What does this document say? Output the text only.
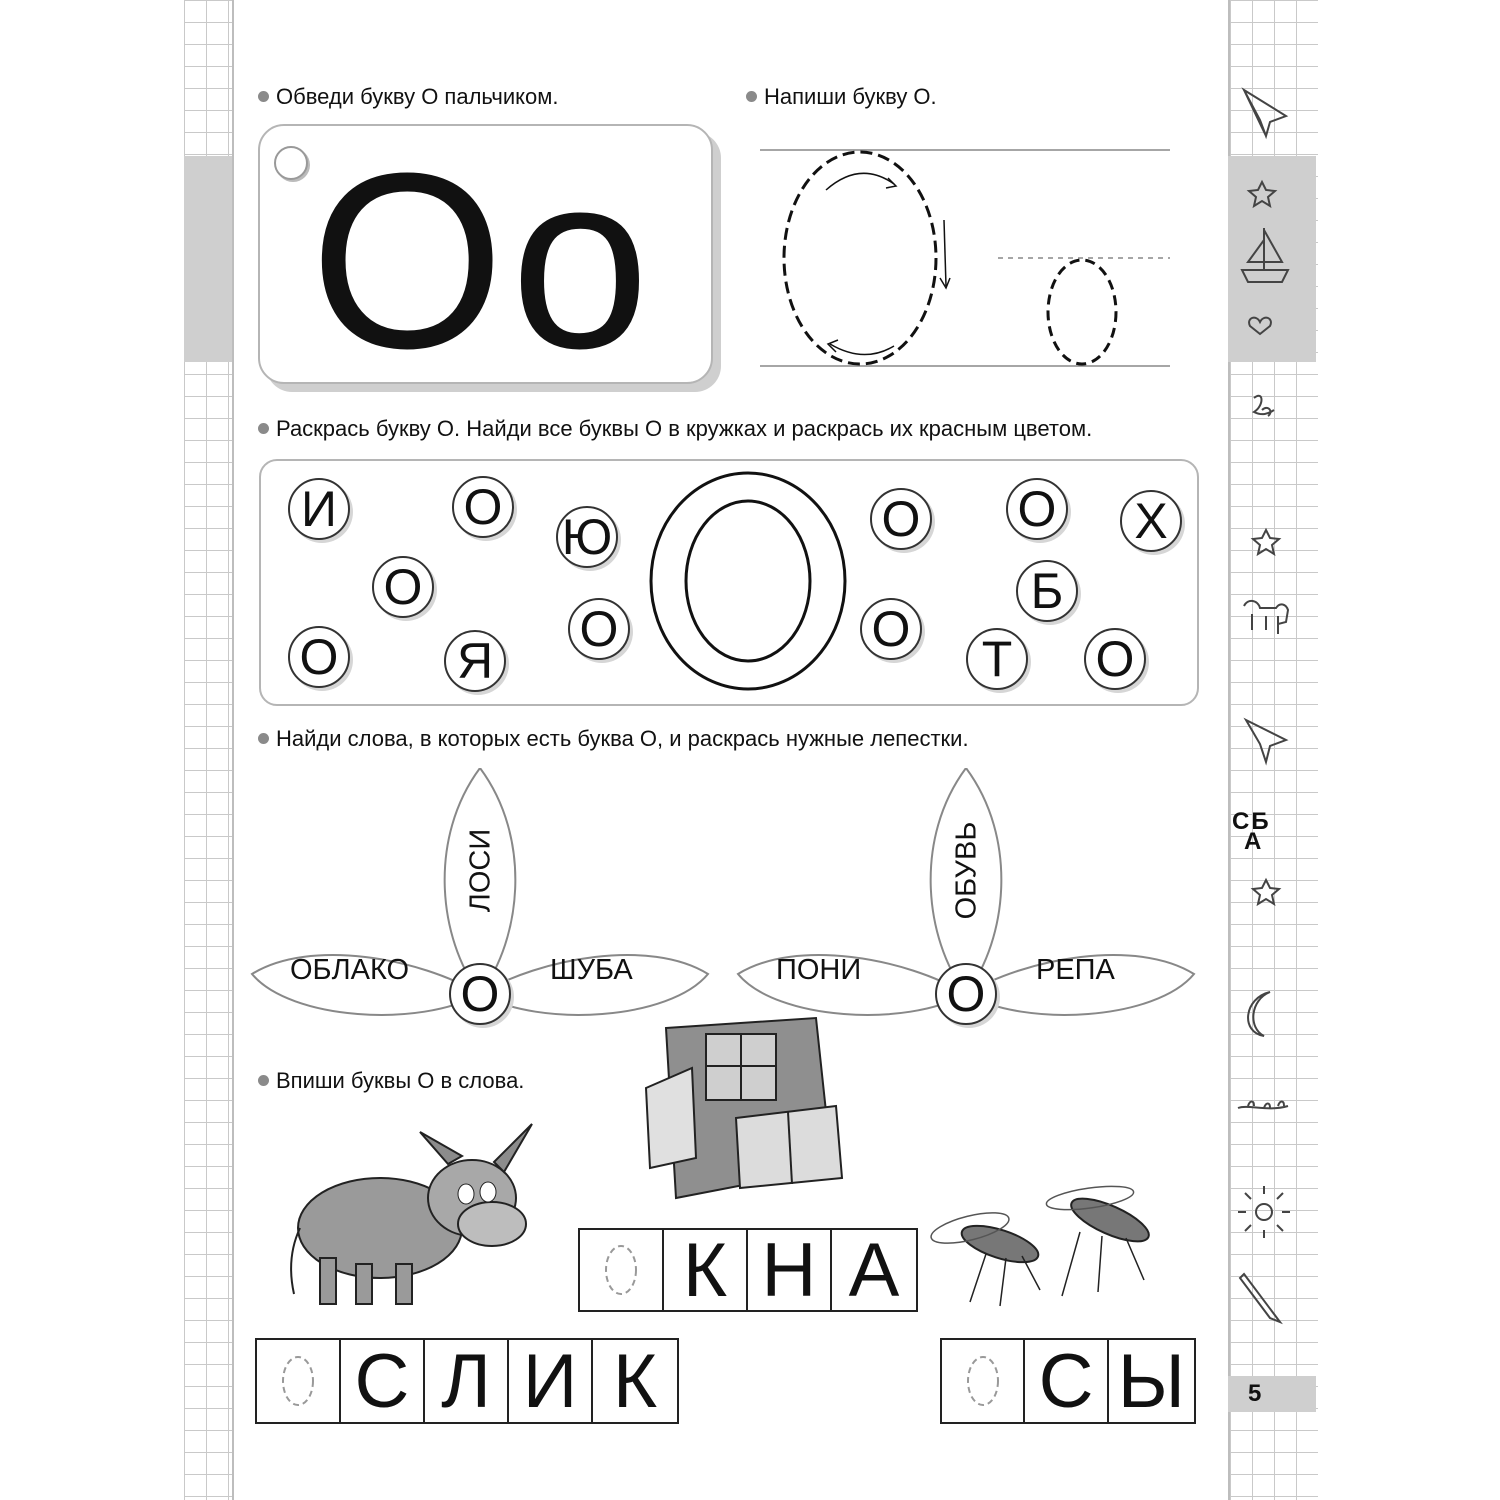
СБ
А
5
Обведи букву О пальчиком.
Оо
Напиши букву О.
Раскрась букву О. Найди все буквы О в кружках и раскрась их красным цветом.
И	О
Ю
О
О
О Я
О О Х
Б
О
Т	О
Найди слова, в которых есть буква О, и раскрась нужные лепестки.
ОБЛАКО	ШУБА
ЛОСИ
О	ПОНИ	РЕПА
ОБУВЬ
О
Впиши буквы О в слова.
К Н А
С Л И К	С Ы
